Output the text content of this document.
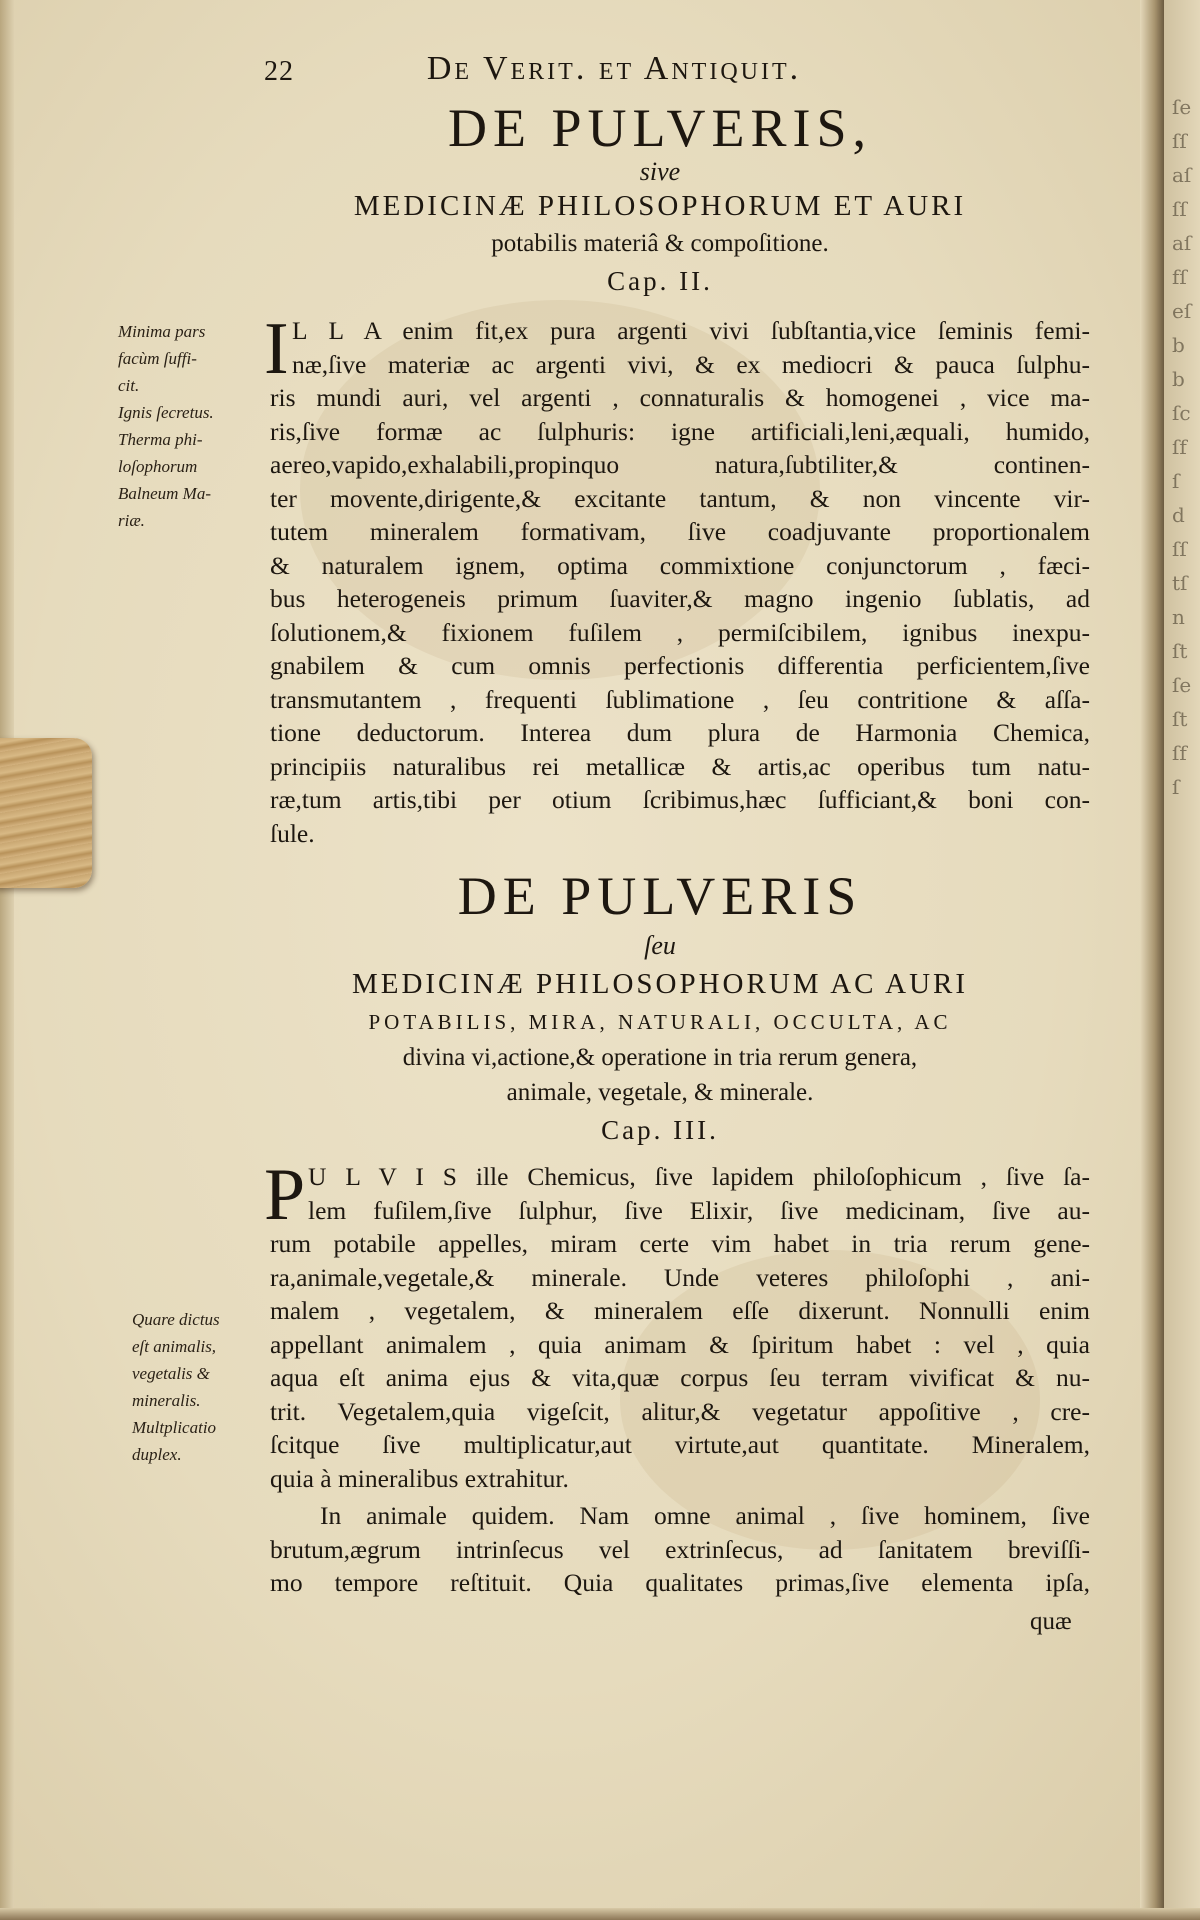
22	De Verit. et Antiquit.
DE PULVERIS,
sive
MEDICINÆ PHILOSOPHORUM ET AURI
potabilis materiâ & compoſitione.
Cap. II.
Minima pars
facùm ſuffi-
cit.
Ignis ſecretus.
Therma phi-
loſophorum
Balneum Ma-
riæ.
I L L A enim fit,ex pura argenti vivi ſubſtantia,vice ſeminis femi-
næ,ſive materiæ ac argenti vivi, & ex mediocri & pauca ſulphu-
ris mundi auri, vel argenti , connaturalis & homogenei , vice ma-
ris,ſive formæ ac ſulphuris: igne artificiali,leni,æquali, humido,
aereo,vapido,exhalabili,propinquo natura,ſubtiliter,& continen-
ter movente,dirigente,& excitante tantum, & non vincente vir-
tutem mineralem formativam, ſive coadjuvante proportionalem
& naturalem ignem, optima commixtione conjunctorum , fæci-
bus heterogeneis primum ſuaviter,& magno ingenio ſublatis, ad
ſolutionem,& fixionem fuſilem , permiſcibilem, ignibus inexpu-
gnabilem & cum omnis perfectionis differentia perficientem,ſive
transmutantem , frequenti ſublimatione , ſeu contritione & aſſa-
tione deductorum. Interea dum plura de Harmonia Chemica,
principiis naturalibus rei metallicæ & artis,ac operibus tum natu-
ræ,tum artis,tibi per otium ſcribimus,hæc ſufficiant,& boni con-
ſule.
DE PULVERIS
ſeu
MEDICINÆ PHILOSOPHORUM AC AURI
POTABILIS, MIRA, NATURALI, OCCULTA, AC
divina vi,actione,& operatione in tria rerum genera,
animale, vegetale, & minerale.
Cap. III.
Quare dictus
eſt animalis,
vegetalis &
mineralis.
Multplicatio
duplex.
P U L V I S ille Chemicus, ſive lapidem philoſophicum , ſive ſa-
lem fuſilem,ſive ſulphur, ſive Elixir, ſive medicinam, ſive au-
rum potabile appelles, miram certe vim habet in tria rerum gene-
ra,animale,vegetale,& minerale. Unde veteres philoſophi , ani-
malem , vegetalem, & mineralem eſſe dixerunt. Nonnulli enim
appellant animalem , quia animam & ſpiritum habet : vel , quia
aqua eſt anima ejus & vita,quæ corpus ſeu terram vivificat & nu-
trit. Vegetalem,quia vigeſcit, alitur,& vegetatur appoſitive , cre-
ſcitque ſive multiplicatur,aut virtute,aut quantitate. Mineralem,
quia à mineralibus extrahitur.
In animale quidem. Nam omne animal , ſive hominem, ſive
brutum,ægrum intrinſecus vel extrinſecus, ad ſanitatem breviſſi-
mo tempore reſtituit. Quia qualitates primas,ſive elementa ipſa,
quæ
ſeſſaſſſaſfſeſbbſcſfſdſſtſnſtſeſtſfſ
